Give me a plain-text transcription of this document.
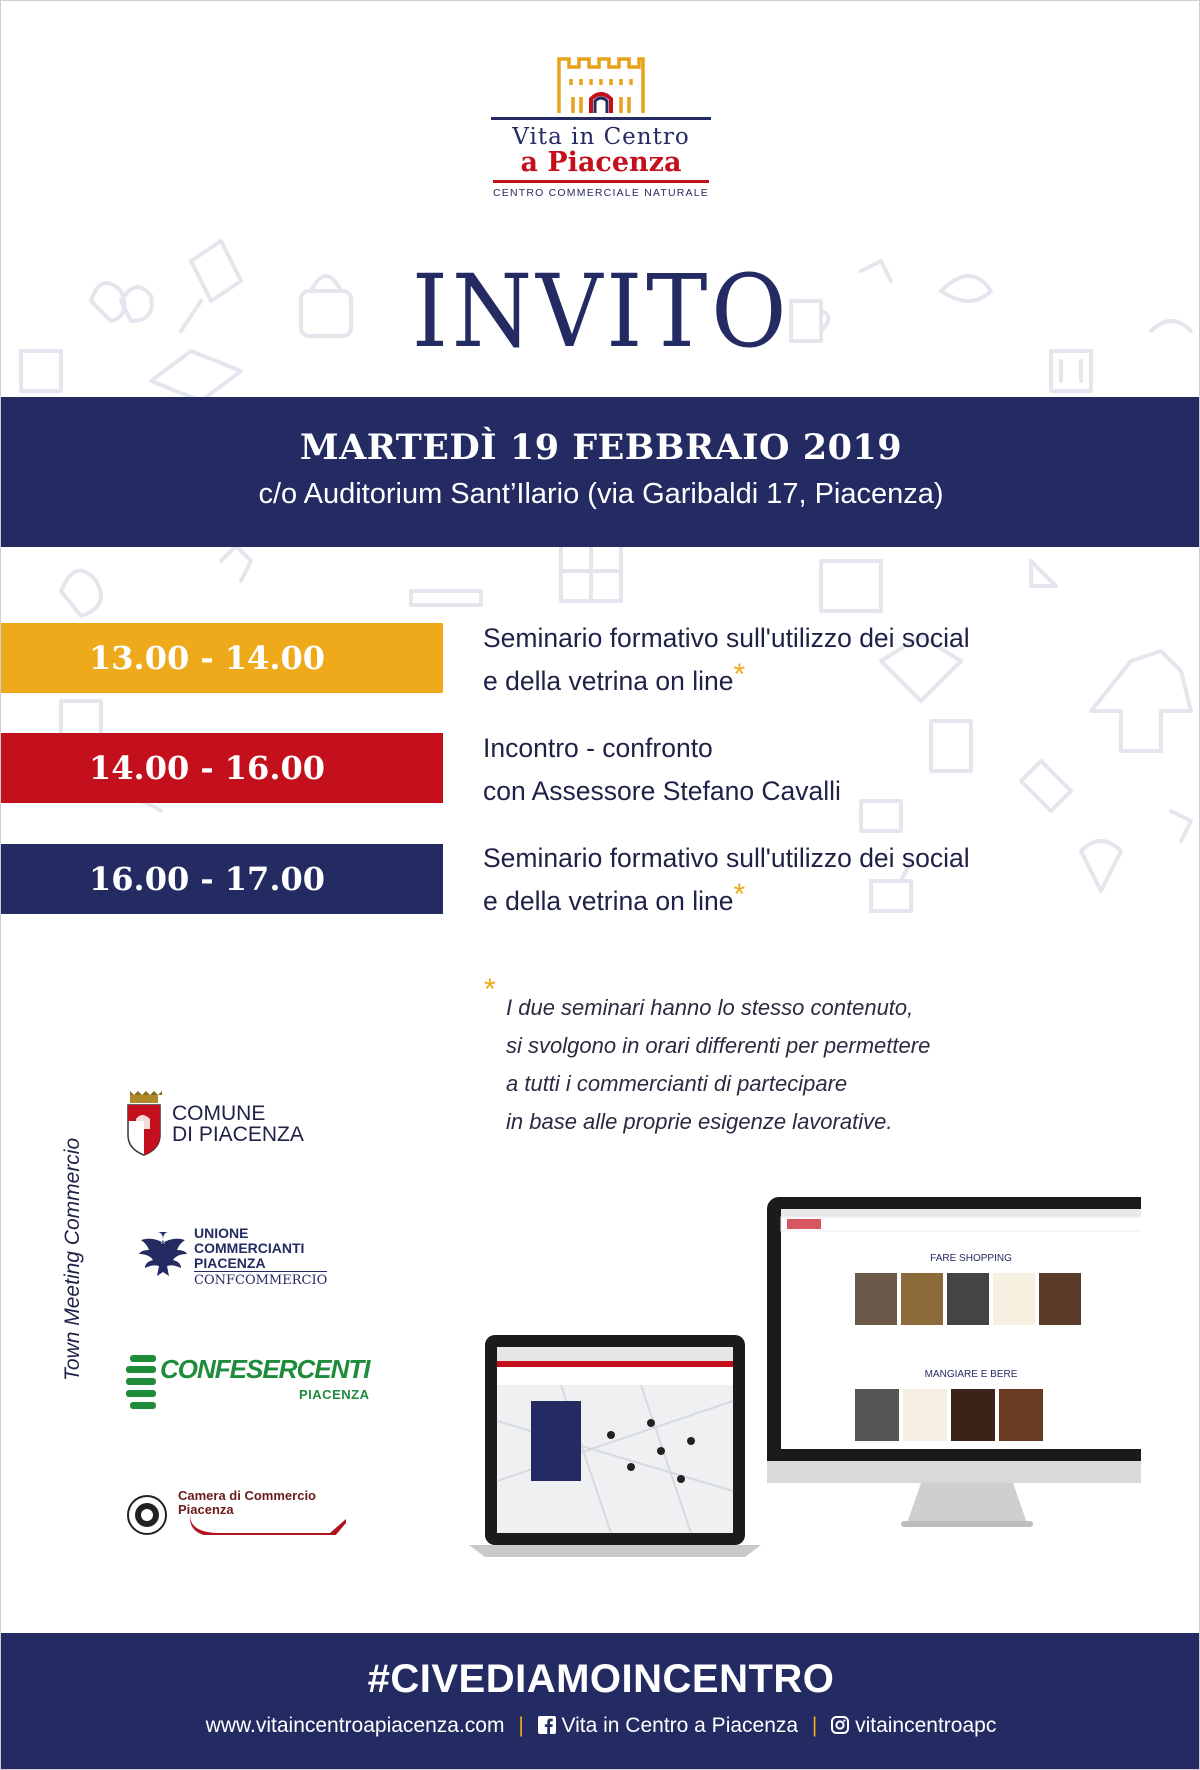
Vita in Centro
a Piacenza
CENTRO COMMERCIALE NATURALE
INVITO
MARTEDÌ 19 FEBBRAIO 2019
c/o Auditorium Sant’Ilario (via Garibaldi 17, Piacenza)
13.00 - 14.00
Seminario formativo sull'utilizzo dei social
e della vetrina on line*
14.00 - 16.00
Incontro - confronto
con Assessore Stefano Cavalli
16.00 - 17.00
Seminario formativo sull'utilizzo dei social
e della vetrina on line*
*
I due seminari hanno lo stesso contenuto,
si svolgono in orari differenti per permettere
a tutti i commercianti di partecipare
in base alle proprie esigenze lavorative.
Town Meeting Commercio
COMUNE
DI PIACENZA
UNIONE
COMMERCIANTI
PIACENZA
CONFCOMMERCIO
CONFESERCENTI
PIACENZA
Camera di Commercio
Piacenza
FARE SHOPPING
MANGIARE E BERE
#CIVEDIAMOINCENTRO
www.vitaincentroapiacenza.com | Vita in Centro a Piacenza | vitaincentroapc
